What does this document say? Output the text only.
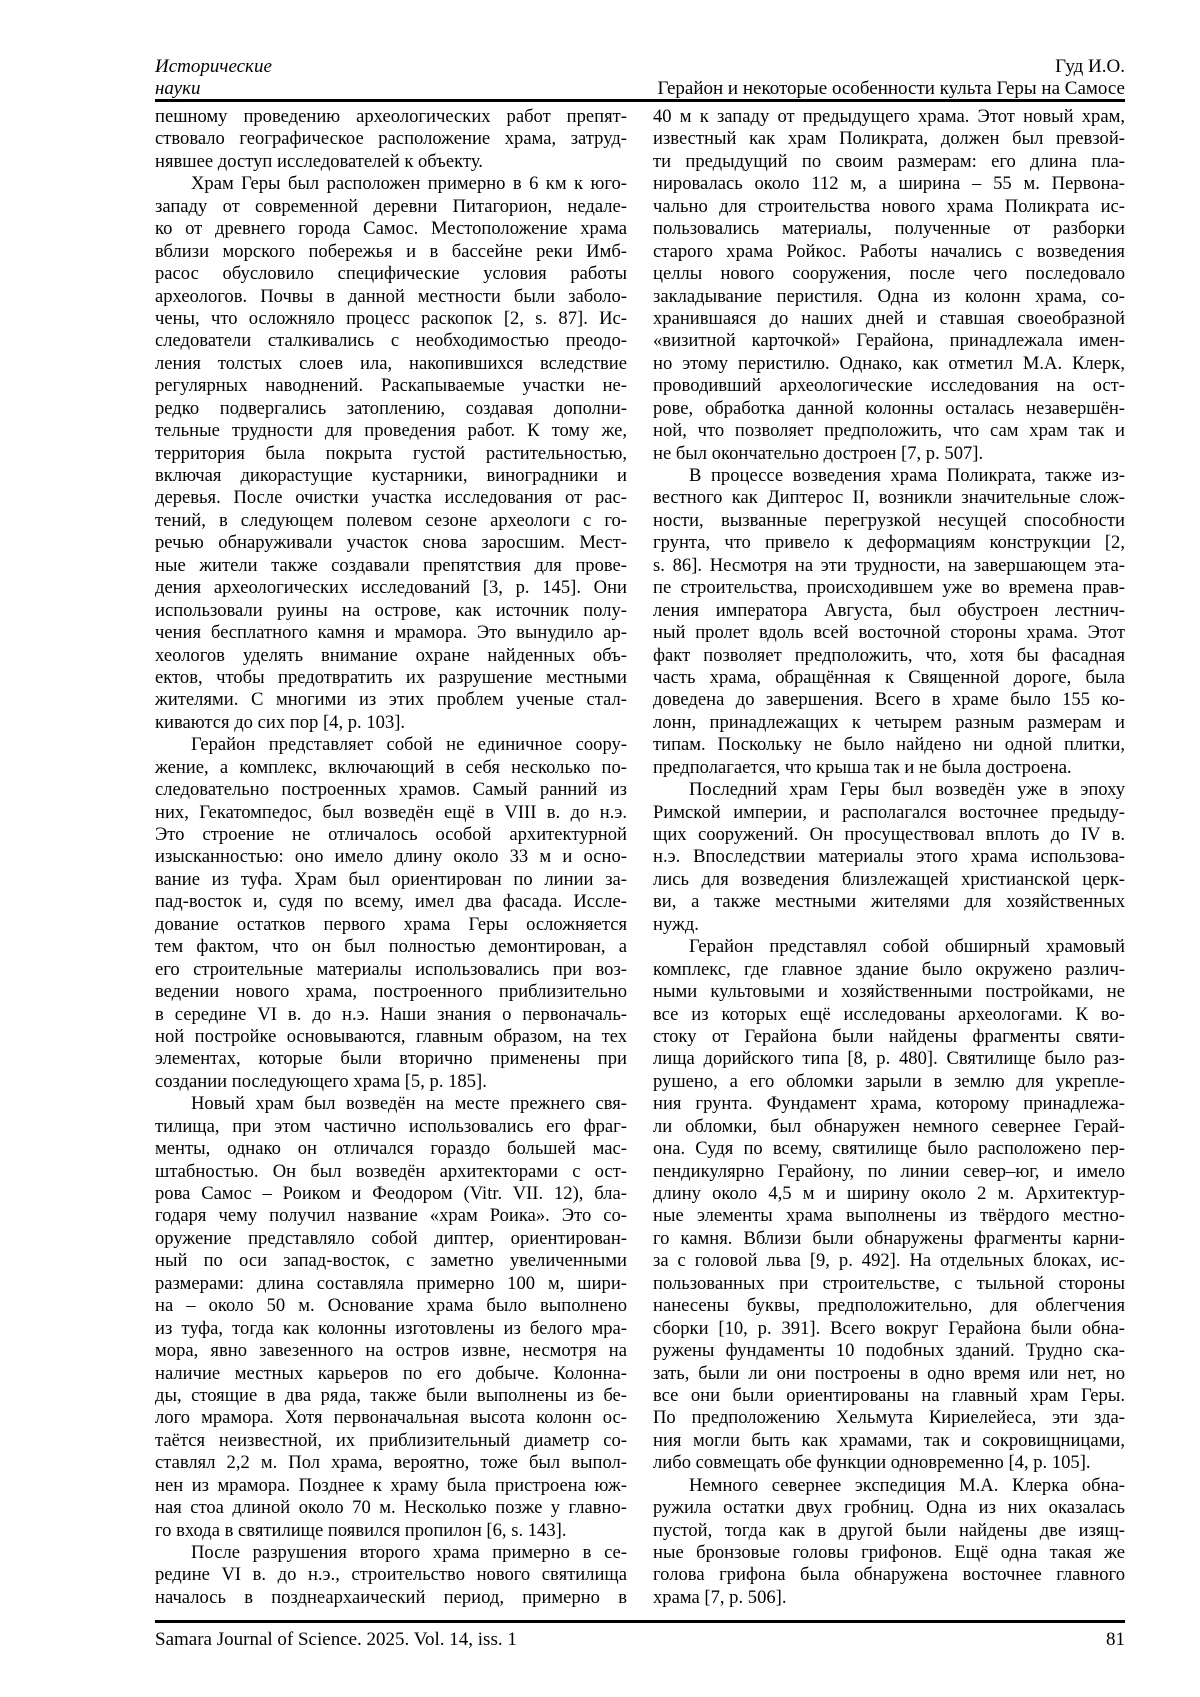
Исторические
науки
Гуд И.О.
Герайон и некоторые особенности культа Геры на Самосе
пешному проведению археологических работ препят-
ствовало географическое расположение храма, затруд-
нявшее доступ исследователей к объекту.
Храм Геры был расположен примерно в 6 км к юго-
западу от современной деревни Питагорион, недале-
ко от древнего города Самос. Местоположение храма
вблизи морского побережья и в бассейне реки Имб-
расос обусловило специфические условия работы
археологов. Почвы в данной местности были заболо-
чены, что осложняло процесс раскопок [2, s. 87]. Ис-
следователи сталкивались с необходимостью преодо-
ления толстых слоев ила, накопившихся вследствие
регулярных наводнений. Раскапываемые участки не-
редко подвергались затоплению, создавая дополни-
тельные трудности для проведения работ. К тому же,
территория была покрыта густой растительностью,
включая дикорастущие кустарники, виноградники и
деревья. После очистки участка исследования от рас-
тений, в следующем полевом сезоне археологи с го-
речью обнаруживали участок снова заросшим. Мест-
ные жители также создавали препятствия для прове-
дения археологических исследований [3, p. 145]. Они
использовали руины на острове, как источник полу-
чения бесплатного камня и мрамора. Это вынудило ар-
хеологов уделять внимание охране найденных объ-
ектов, чтобы предотвратить их разрушение местными
жителями. С многими из этих проблем ученые стал-
киваются до сих пор [4, p. 103].
Герайон представляет собой не единичное соору-
жение, а комплекс, включающий в себя несколько по-
следовательно построенных храмов. Самый ранний из
них, Гекатомпедос, был возведён ещё в VIII в. до н.э.
Это строение не отличалось особой архитектурной
изысканностью: оно имело длину около 33 м и осно-
вание из туфа. Храм был ориентирован по линии за-
пад-восток и, судя по всему, имел два фасада. Иссле-
дование остатков первого храма Геры осложняется
тем фактом, что он был полностью демонтирован, а
его строительные материалы использовались при воз-
ведении нового храма, построенного приблизительно
в середине VI в. до н.э. Наши знания о первоначаль-
ной постройке основываются, главным образом, на тех
элементах, которые были вторично применены при
создании последующего храма [5, p. 185].
Новый храм был возведён на месте прежнего свя-
тилища, при этом частично использовались его фраг-
менты, однако он отличался гораздо большей мас-
штабностью. Он был возведён архитекторами с ост-
рова Самос – Роиком и Феодором (Vitr. VII. 12), бла-
годаря чему получил название «храм Роика». Это со-
оружение представляло собой диптер, ориентирован-
ный по оси запад-восток, с заметно увеличенными
размерами: длина составляла примерно 100 м, шири-
на – около 50 м. Основание храма было выполнено
из туфа, тогда как колонны изготовлены из белого мра-
мора, явно завезенного на остров извне, несмотря на
наличие местных карьеров по его добыче. Колонна-
ды, стоящие в два ряда, также были выполнены из бе-
лого мрамора. Хотя первоначальная высота колонн ос-
таётся неизвестной, их приблизительный диаметр со-
ставлял 2,2 м. Пол храма, вероятно, тоже был выпол-
нен из мрамора. Позднее к храму была пристроена юж-
ная стоа длиной около 70 м. Несколько позже у главно-
го входа в святилище появился пропилон [6, s. 143].
После разрушения второго храма примерно в се-
редине VI в. до н.э., строительство нового святилища
началось в позднеархаический период, примерно в
40 м к западу от предыдущего храма. Этот новый храм,
известный как храм Поликрата, должен был превзой-
ти предыдущий по своим размерам: его длина пла-
нировалась около 112 м, а ширина – 55 м. Первона-
чально для строительства нового храма Поликрата ис-
пользовались материалы, полученные от разборки
старого храма Ройкос. Работы начались с возведения
целлы нового сооружения, после чего последовало
закладывание перистиля. Одна из колонн храма, со-
хранившаяся до наших дней и ставшая своеобразной
«визитной карточкой» Герайона, принадлежала имен-
но этому перистилю. Однако, как отметил М.А. Клерк,
проводивший археологические исследования на ост-
рове, обработка данной колонны осталась незавершён-
ной, что позволяет предположить, что сам храм так и
не был окончательно достроен [7, p. 507].
В процессе возведения храма Поликрата, также из-
вестного как Диптерос II, возникли значительные слож-
ности, вызванные перегрузкой несущей способности
грунта, что привело к деформациям конструкции [2,
s. 86]. Несмотря на эти трудности, на завершающем эта-
пе строительства, происходившем уже во времена прав-
ления императора Августа, был обустроен лестнич-
ный пролет вдоль всей восточной стороны храма. Этот
факт позволяет предположить, что, хотя бы фасадная
часть храма, обращённая к Священной дороге, была
доведена до завершения. Всего в храме было 155 ко-
лонн, принадлежащих к четырем разным размерам и
типам. Поскольку не было найдено ни одной плитки,
предполагается, что крыша так и не была достроена.
Последний храм Геры был возведён уже в эпоху
Римской империи, и располагался восточнее предыду-
щих сооружений. Он просуществовал вплоть до IV в.
н.э. Впоследствии материалы этого храма использова-
лись для возведения близлежащей христианской церк-
ви, а также местными жителями для хозяйственных
нужд.
Герайон представлял собой обширный храмовый
комплекс, где главное здание было окружено различ-
ными культовыми и хозяйственными постройками, не
все из которых ещё исследованы археологами. К во-
стоку от Герайона были найдены фрагменты святи-
лища дорийского типа [8, p. 480]. Святилище было раз-
рушено, а его обломки зарыли в землю для укрепле-
ния грунта. Фундамент храма, которому принадлежа-
ли обломки, был обнаружен немного севернее Герай-
она. Судя по всему, святилище было расположено пер-
пендикулярно Герайону, по линии север–юг, и имело
длину около 4,5 м и ширину около 2 м. Архитектур-
ные элементы храма выполнены из твёрдого местно-
го камня. Вблизи были обнаружены фрагменты карни-
за с головой льва [9, p. 492]. На отдельных блоках, ис-
пользованных при строительстве, с тыльной стороны
нанесены буквы, предположительно, для облегчения
сборки [10, p. 391]. Всего вокруг Герайона были обна-
ружены фундаменты 10 подобных зданий. Трудно ска-
зать, были ли они построены в одно время или нет, но
все они были ориентированы на главный храм Геры.
По предположению Хельмута Кириелейеса, эти зда-
ния могли быть как храмами, так и сокровищницами,
либо совмещать обе функции одновременно [4, p. 105].
Немного севернее экспедиция М.А. Клерка обна-
ружила остатки двух гробниц. Одна из них оказалась
пустой, тогда как в другой были найдены две изящ-
ные бронзовые головы грифонов. Ещё одна такая же
голова грифона была обнаружена восточнее главного
храма [7, p. 506].
Samara Journal of Science. 2025. Vol. 14, iss. 1	81
